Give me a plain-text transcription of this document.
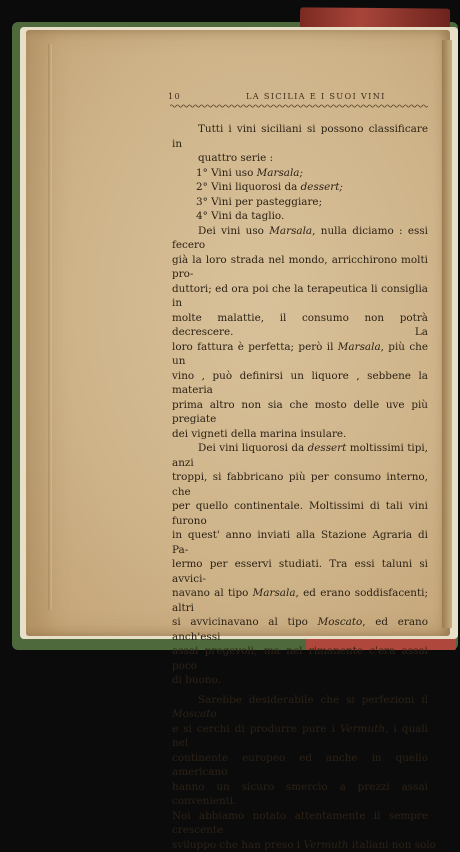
10	LA SICILIA E I SUOI VINI

Tutti i vini siciliani si possono classificare in
quattro serie :

1° Vini uso Marsala;
2° Vini liquorosi da dessert;
3° Vini per pasteggiare;
4° Vini da taglio.

Dei vini uso Marsala, nulla diciamo : essi fecero
già la loro strada nel mondo, arricchirono molti pro-
duttori; ed ora poi che la terapeutica li consiglia in
molte malattie, il consumo non potrà decrescere. La
loro fattura è perfetta; però il Marsala, più che un
vino , può definirsi un liquore , sebbene la materia
prima altro non sia che mosto delle uve più pregiate
dei vigneti della marina insulare.

Dei vini liquorosi da dessert moltissimi tipi, anzi
troppi, si fabbricano più per consumo interno, che
per quello continentale. Moltissimi di tali vini furono
in quest' anno inviati alla Stazione Agraria di Pa-
lermo per esservi studiati. Tra essi taluni si avvici-
navano al tipo Marsala, ed erano soddisfacenti; altri
si avvicinavano al tipo Moscato, ed erano anch'essi
assai pregevoli; ma nel rimanente c'era assai poco
di buono.

Sarebbe desiderabile che si perfezioni il Moscato
e si cerchi di produrre pure i Vermuth, i quali nel
continente europeo ed anche in quello americano
hanno un sicuro smercio a prezzi assai convenienti.
Noi abbiamo notato attentamente il sempre crescente
sviluppo che han preso i Vermuth italiani non solo
